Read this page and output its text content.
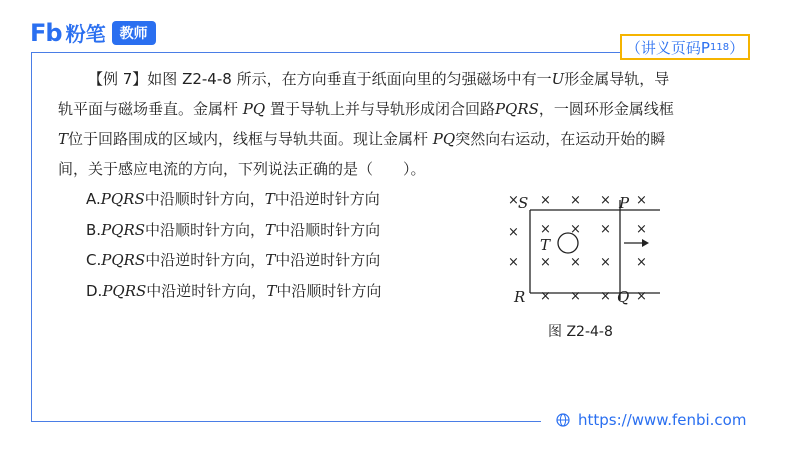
Fb 粉笔	教师
（讲义页码P 118 ）
【例 7】如图 Z2-4-8 所示，在方向垂直于纸面向里的匀强磁场中有一U形金属导轨，导
轨平面与磁场垂直。金属杆 PQ 置于导轨上并与导轨形成闭合回路PQRS，一圆环形金属线框
T位于回路围成的区域内，线框与导轨共面。现让金属杆 PQ突然向右运动，在运动开始的瞬
间，关于感应电流的方向，下列说法正确的是（　　）。
A.PQRS中沿顺时针方向，T中沿逆时针方向
B.PQRS中沿顺时针方向，T中沿顺时针方向
C.PQRS中沿逆时针方向，T中沿逆时针方向
D.PQRS中沿逆时针方向，T中沿顺时针方向
S	P
R	Q
T
× × × × ×
× × × × ×
× × × × ×
× × × ×
图 Z2-4-8
https://www.fenbi.com
